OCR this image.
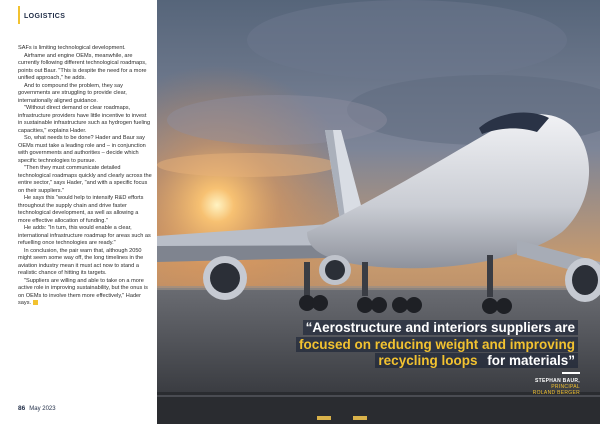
LOGISTICS

SAFs is limiting technological development.

Airframe and engine OEMs, meanwhile, are currently following different technological roadmaps, points out Baur. "This is despite the need for a more unified approach," he adds.

And to compound the problem, they say governments are struggling to provide clear, internationally aligned guidance.

"Without direct demand or clear roadmaps, infrastructure providers have little incentive to invest in sustainable infrastructure such as hydrogen fueling capacities," explains Hader.

So, what needs to be done? Hader and Baur say OEMs must take a leading role and – in conjunction with governments and authorities – decide which specific technologies to pursue.

"Then they must communicate detailed technological roadmaps quickly and clearly across the entire sector," says Hader, "and with a specific focus on their suppliers."

He says this "would help to intensify R&D efforts throughout the supply chain and drive faster technological development, as well as allowing a more effective allocation of funding."

He adds: "In turn, this would enable a clear, international infrastructure roadmap for areas such as refuelling once technologies are ready."

In conclusion, the pair warn that, although 2050 might seem some way off, the long timelines in the aviation industry mean it must act now to stand a realistic chance of hitting its targets.

"Suppliers are willing and able to take on a more active role in improving sustainability, but the onus is on OEMs to involve them more effectively," Hader says.

86 May 2023
“Aerostructure and interiors suppliers are focused on reducing weight and improving recycling loops for materials”
STEPHAN BAUR,
PRINCIPAL
ROLAND BERGER
